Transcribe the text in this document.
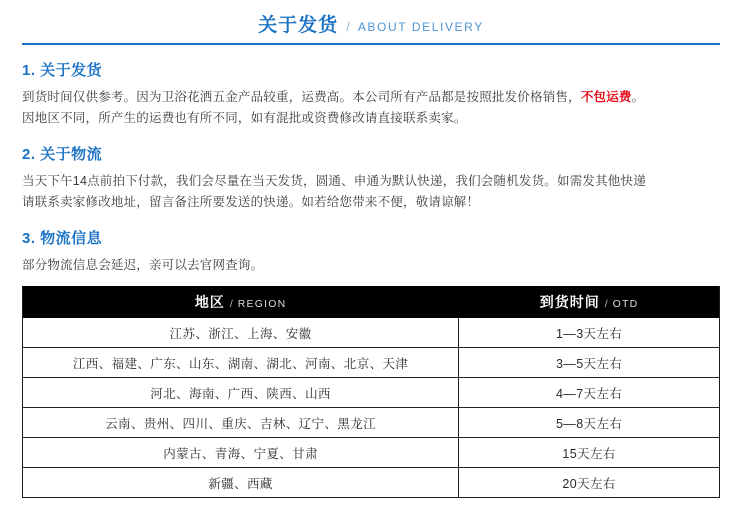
关于发货 / ABOUT DELIVERY
1. 关于发货
到货时间仅供参考。因为卫浴花洒五金产品较重，运费高。本公司所有产品都是按照批发价格销售，不包运费。
因地区不同，所产生的运费也有所不同，如有混批或资费修改请直接联系卖家。
2. 关于物流
当天下午14点前拍下付款，我们会尽量在当天发货，圆通、申通为默认快递，我们会随机发货。如需发其他快递
请联系卖家修改地址，留言备注所要发送的快递。如若给您带来不便，敬请谅解！
3. 物流信息
部分物流信息会延迟，亲可以去官网查询。
地区 / REGION	到货时间 / OTD
江苏、浙江、上海、安徽	1—3天左右
江西、福建、广东、山东、湖南、湖北、河南、北京、天津	3—5天左右
河北、海南、广西、陕西、山西	4—7天左右
云南、贵州、四川、重庆、吉林、辽宁、黑龙江	5—8天左右
内蒙古、青海、宁夏、甘肃	15天左右
新疆、西藏	20天左右
